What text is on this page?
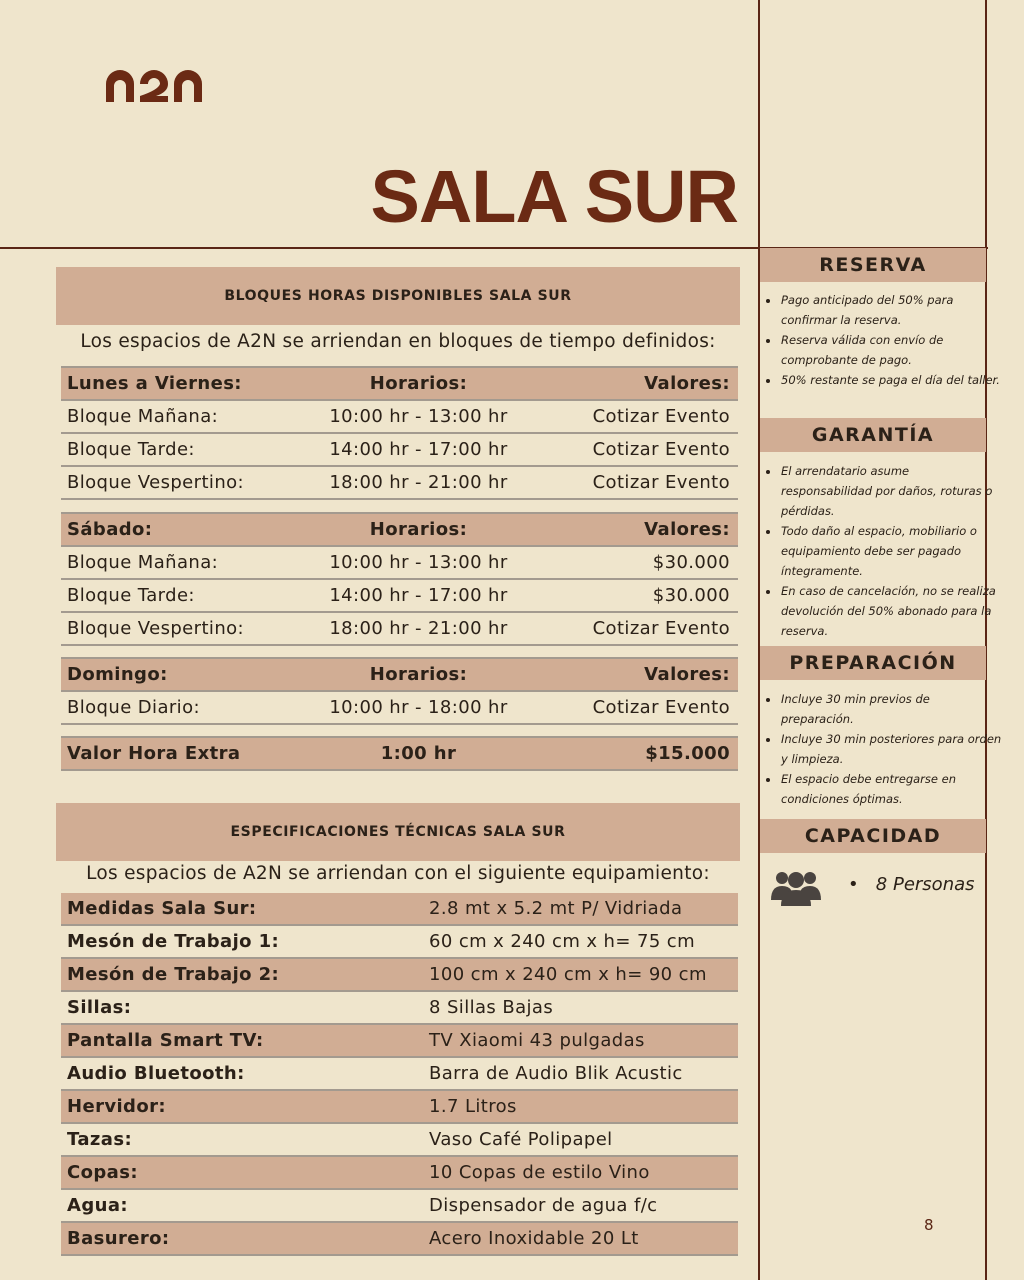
SALA SUR
BLOQUES HORAS DISPONIBLES SALA SUR
Los espacios de A2N se arriendan en bloques de tiempo definidos:
Lunes a Viernes:	Horarios:	Valores:
Bloque Mañana:	10:00 hr - 13:00 hr	Cotizar Evento
Bloque Tarde:	14:00 hr - 17:00 hr	Cotizar Evento
Bloque Vespertino:	18:00 hr - 21:00 hr	Cotizar Evento
Sábado:	Horarios:	Valores:
Bloque Mañana:	10:00 hr - 13:00 hr	$30.000
Bloque Tarde:	14:00 hr - 17:00 hr	$30.000
Bloque Vespertino:	18:00 hr - 21:00 hr	Cotizar Evento
Domingo:	Horarios:	Valores:
Bloque Diario:	10:00 hr - 18:00 hr	Cotizar Evento
Valor Hora Extra	1:00 hr	$15.000
ESPECIFICACIONES TÉCNICAS SALA SUR
Los espacios de A2N se arriendan con el siguiente equipamiento:
Medidas Sala Sur:	2.8 mt x 5.2 mt P/ Vidriada
Mesón de Trabajo 1:	60 cm x 240 cm x h= 75 cm
Mesón de Trabajo 2:	100 cm x 240 cm x h= 90 cm
Sillas:	8 Sillas Bajas
Pantalla Smart TV:	TV Xiaomi 43 pulgadas
Audio Bluetooth:	Barra de Audio Blik Acustic
Hervidor:	1.7 Litros
Tazas:	Vaso Café Polipapel
Copas:	10 Copas de estilo Vino
Agua:	Dispensador de agua f/c
Basurero:	Acero Inoxidable 20 Lt
RESERVA
• Pago anticipado del 50% para confirmar la reserva.
• Reserva válida con envío de comprobante de pago.
• 50% restante se paga el día del taller.
GARANTÍA
• El arrendatario asume responsabilidad por daños, roturas o pérdidas.
• Todo daño al espacio, mobiliario o equipamiento debe ser pagado íntegramente.
• En caso de cancelación, no se realiza devolución del 50% abonado para la reserva.
PREPARACIÓN
• Incluye 30 min previos de preparación.
• Incluye 30 min posteriores para orden y limpieza.
• El espacio debe entregarse en condiciones óptimas.
CAPACIDAD
•   8 Personas
8
